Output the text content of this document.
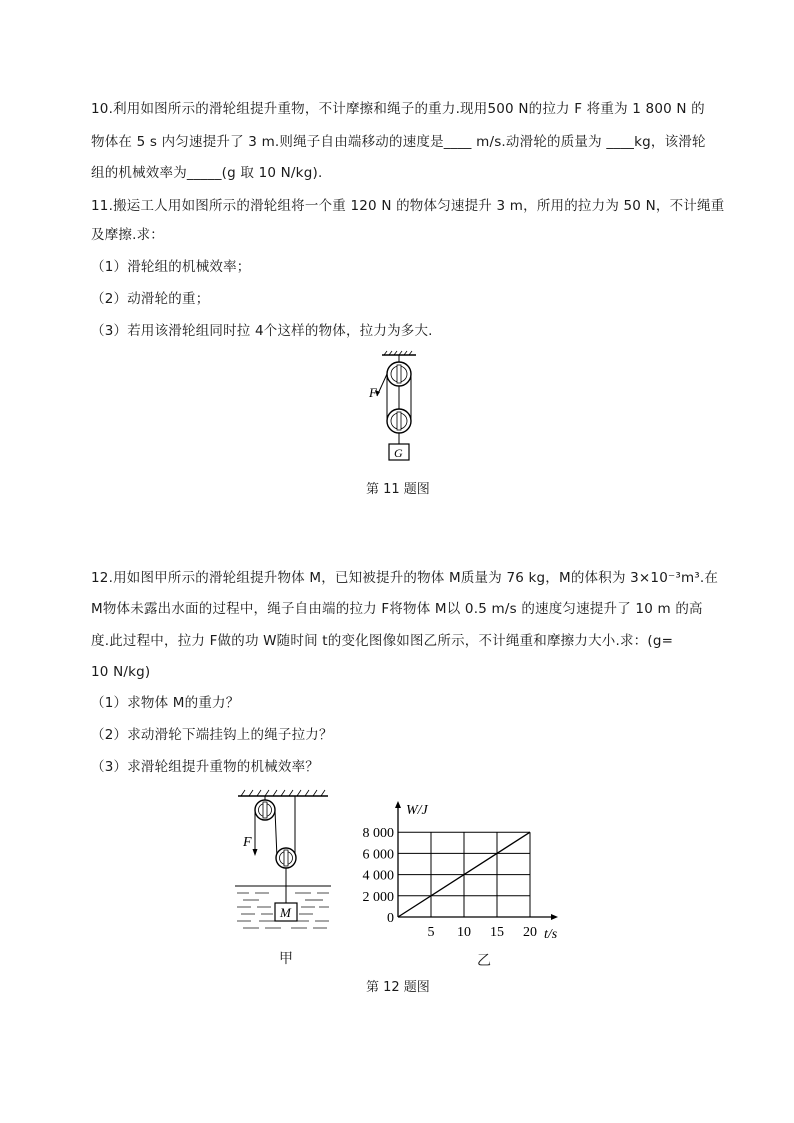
10.利用如图所示的滑轮组提升重物，不计摩擦和绳子的重力.现用500 N的拉力 F 将重为 1 800 N 的
物体在 5 s 内匀速提升了 3 m.则绳子自由端移动的速度是____ m/s.动滑轮的质量为 ____kg，该滑轮
组的机械效率为_____(g 取 10 N/kg).
11.搬运工人用如图所示的滑轮组将一个重 120 N 的物体匀速提升 3 m，所用的拉力为 50 N，不计绳重
及摩擦.求：
（1）滑轮组的机械效率；
（2）动滑轮的重；
（3）若用该滑轮组同时拉 4个这样的物体，拉力为多大.
F
G
第 11 题图
12.用如图甲所示的滑轮组提升物体 M，已知被提升的物体 M质量为 76 kg，M的体积为 3×10⁻³m³.在
M物体未露出水面的过程中，绳子自由端的拉力 F将物体 M以 0.5 m/s 的速度匀速提升了 10 m 的高
度.此过程中，拉力 F做的功 W随时间 t的变化图像如图乙所示，不计绳重和摩擦力大小.求：(g=
10 N/kg)
（1）求物体 M的重力？
（2）求动滑轮下端挂钩上的绳子拉力？
（3）求滑轮组提升重物的机械效率？
F
M
甲
5 10 15 20
0
2 000
4 000
6 000
8 000
W/J
t/s
乙
第 12 题图
